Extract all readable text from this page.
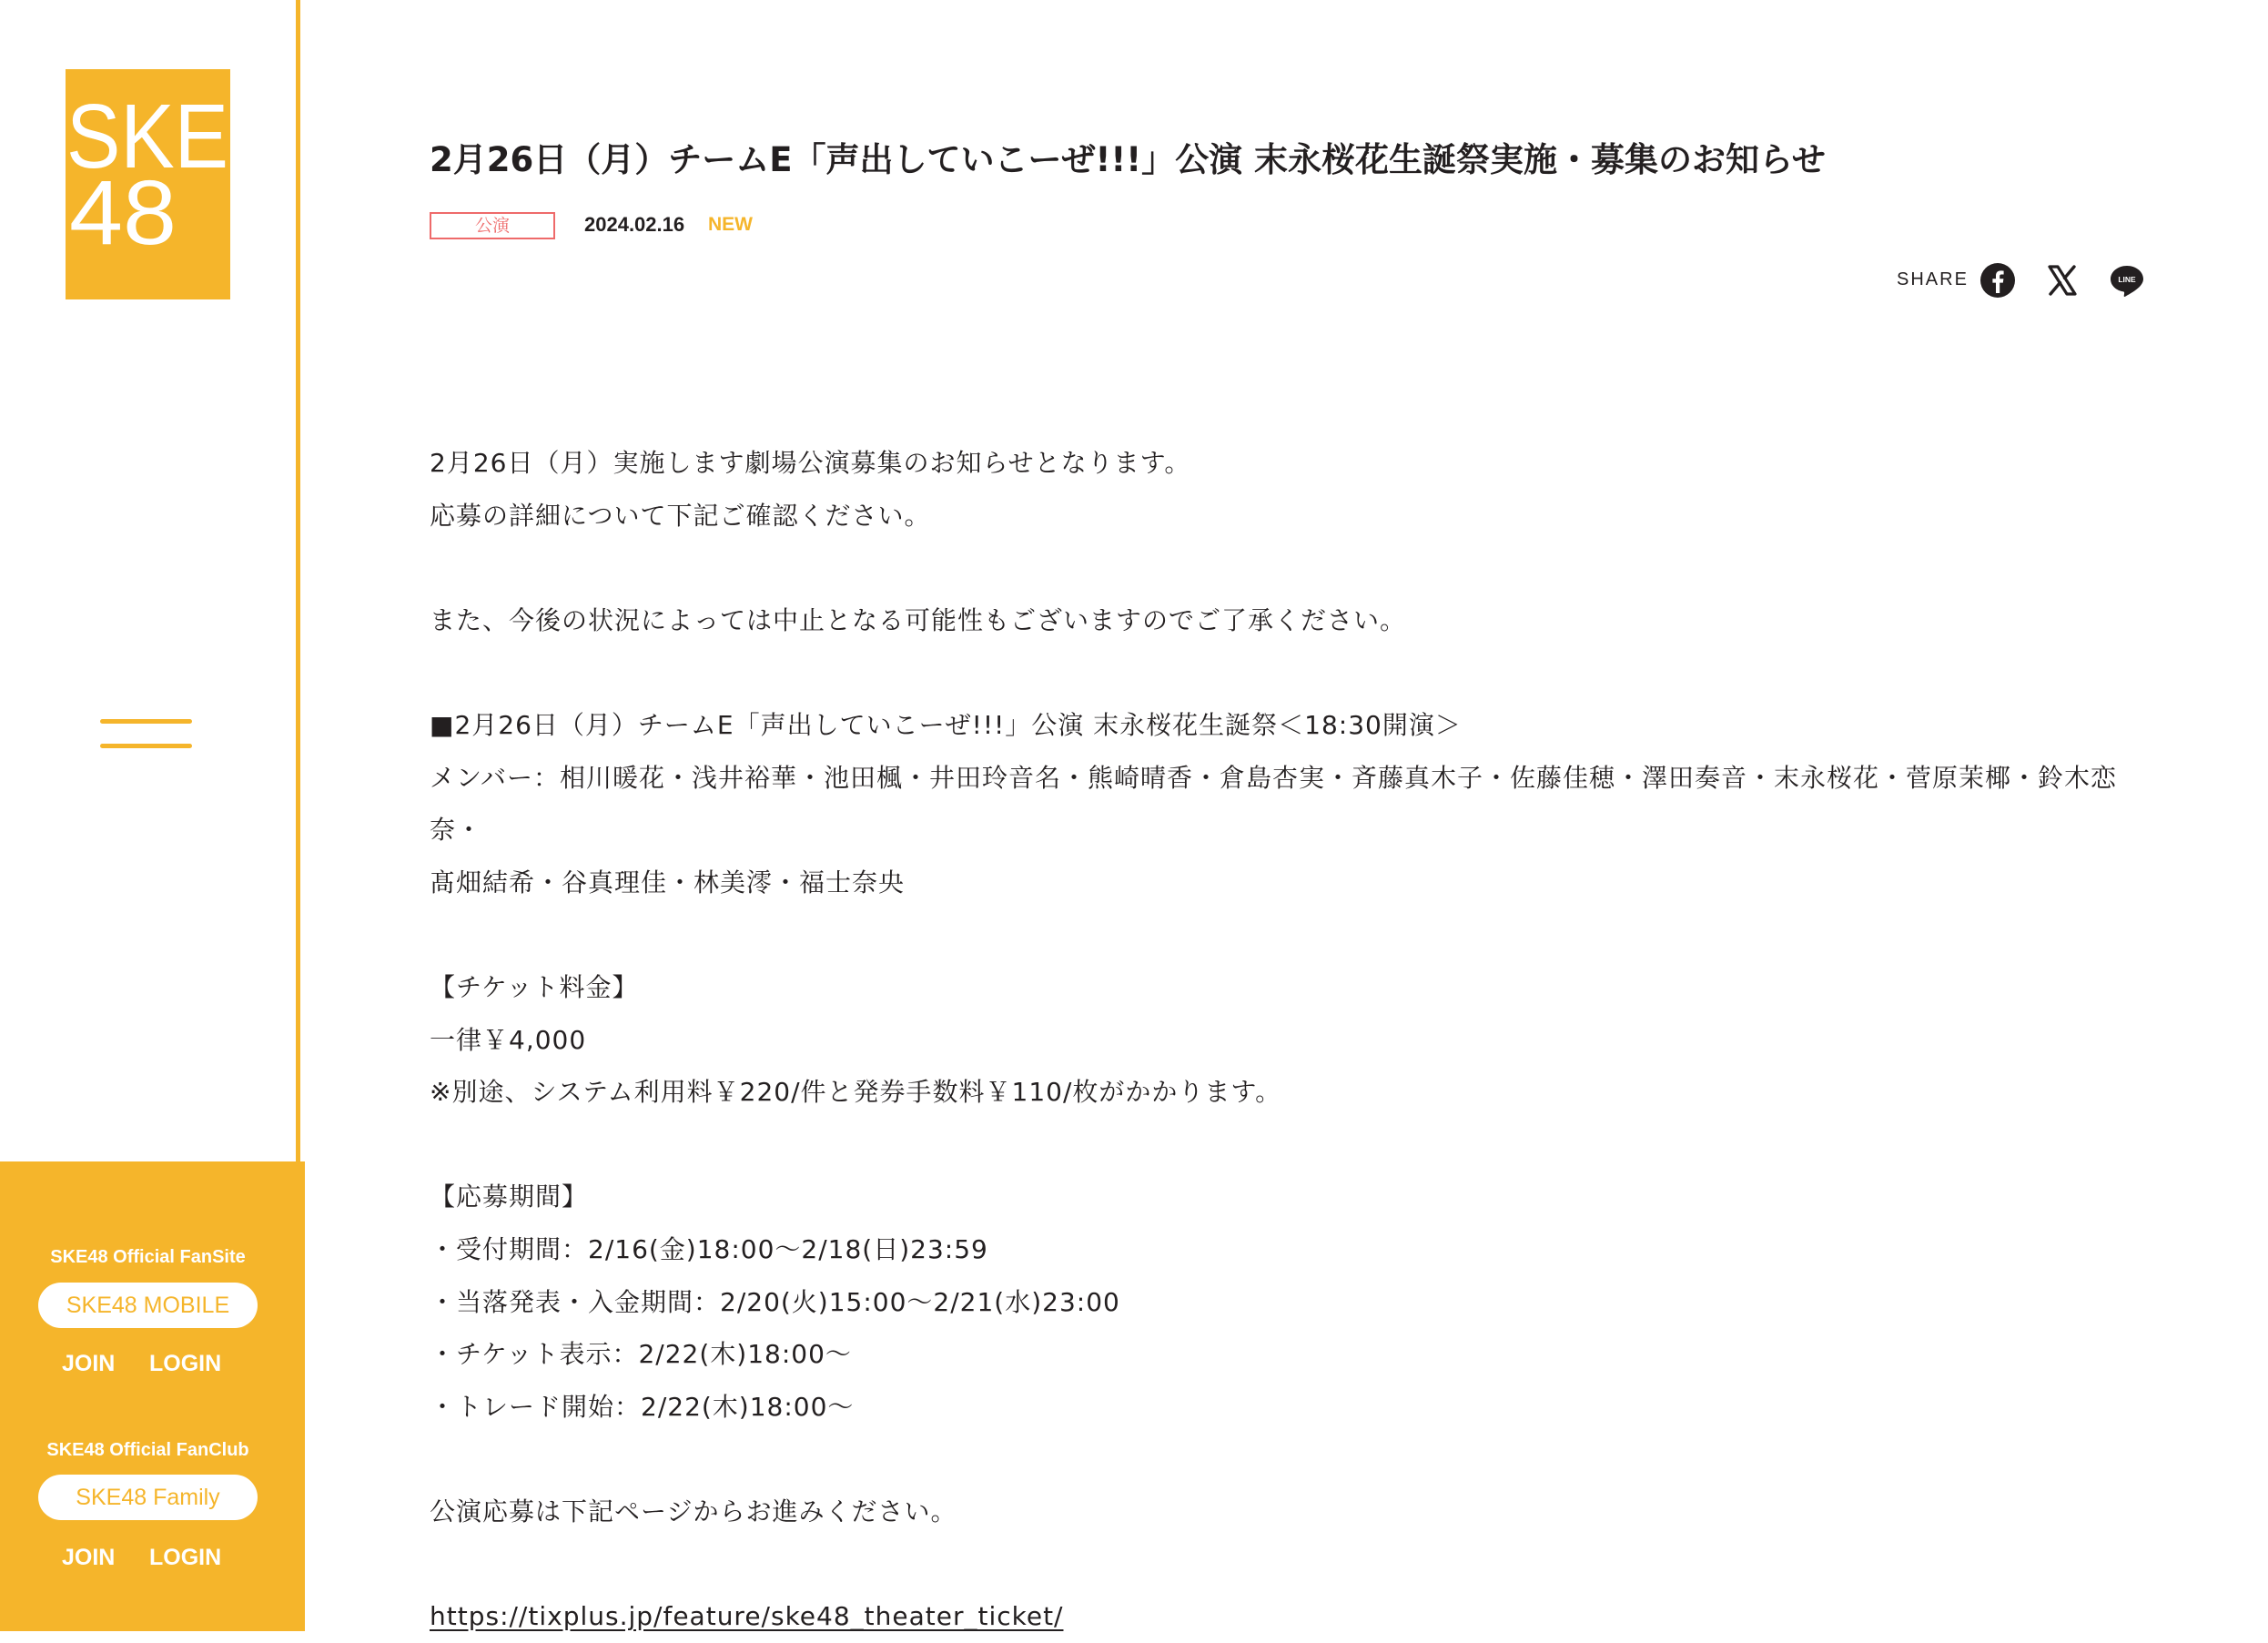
SKE
48
SKE48 Official FanSite
SKE48 MOBILE
JOIN LOGIN
SKE48 Official FanClub
SKE48 Family
JOIN LOGIN
2月26日（月）チームE「声出していこーぜ!!!」公演 末永桜花生誕祭実施・募集のお知らせ
公演	2024.02.16 NEW
SHARE	LINE

2月26日（月）実施します劇場公演募集のお知らせとなります。

応募の詳細について下記ご確認ください。

また、今後の状況によっては中止となる可能性もございますのでご了承ください。

■2月26日（月）チームE「声出していこーぜ!!!」公演 末永桜花生誕祭＜18:30開演＞

メンバー：相川暖花・浅井裕華・池田楓・井田玲音名・熊崎晴香・倉島杏実・斉藤真木子・佐藤佳穂・澤田奏音・末永桜花・菅原茉椰・鈴木恋奈・

髙畑結希・谷真理佳・林美澪・福士奈央

【チケット料金】

一律￥4,000

※別途、システム利用料￥220/件と発券手数料￥110/枚がかかります。

【応募期間】

・受付期間：2/16(金)18:00～2/18(日)23:59

・当落発表・入金期間：2/20(火)15:00～2/21(水)23:00

・チケット表示：2/22(木)18:00～

・トレード開始：2/22(木)18:00～

公演応募は下記ページからお進みください。

https://tixplus.jp/feature/ske48_theater_ticket/
